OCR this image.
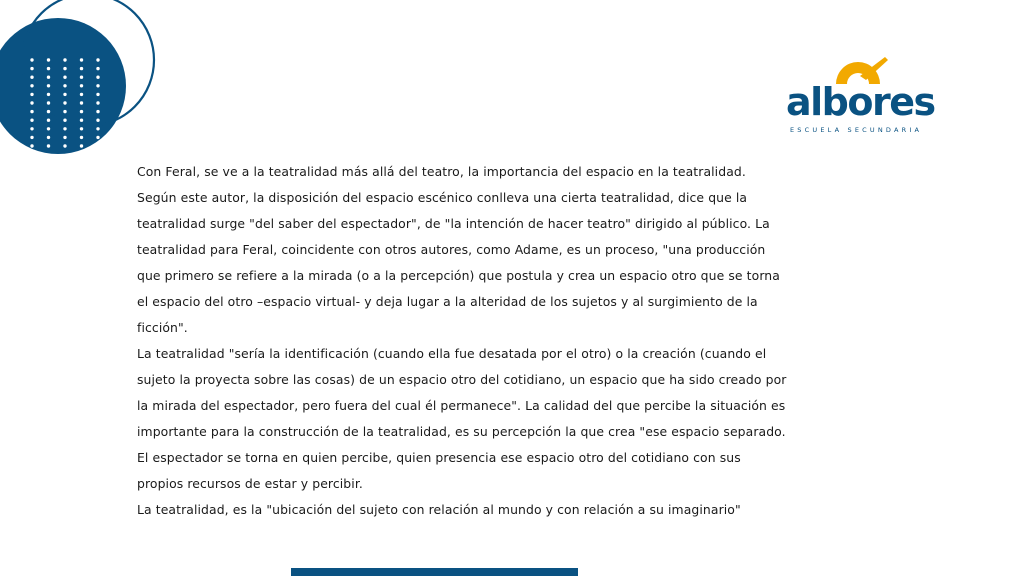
albores
ESCUELA SECUNDARIA

Con Feral, se ve a la teatralidad más allá del teatro, la importancia del espacio en la teatralidad. Según este autor, la disposición del espacio escénico conlleva una cierta teatralidad, dice que la teatralidad surge "del saber del espectador", de "la intención de hacer teatro" dirigido al público. La teatralidad para Feral, coincidente con otros autores, como Adame, es un proceso, "una producción que primero se refiere a la mirada (o a la percepción) que postula y crea un espacio otro que se torna el espacio del otro –espacio virtual- y deja lugar a la alteridad de los sujetos y al surgimiento de la ficción".

La teatralidad "sería la identificación (cuando ella fue desatada por el otro) o la creación (cuando el sujeto la proyecta sobre las cosas) de un espacio otro del cotidiano, un espacio que ha sido creado por la mirada del espectador, pero fuera del cual él permanece". La calidad del que percibe la situación es importante para la construcción de la teatralidad, es su percepción la que crea "ese espacio separado. El espectador se torna en quien percibe, quien presencia ese espacio otro del cotidiano con sus propios recursos de estar y percibir.

La teatralidad, es la "ubicación del sujeto con relación al mundo y con relación a su imaginario"
